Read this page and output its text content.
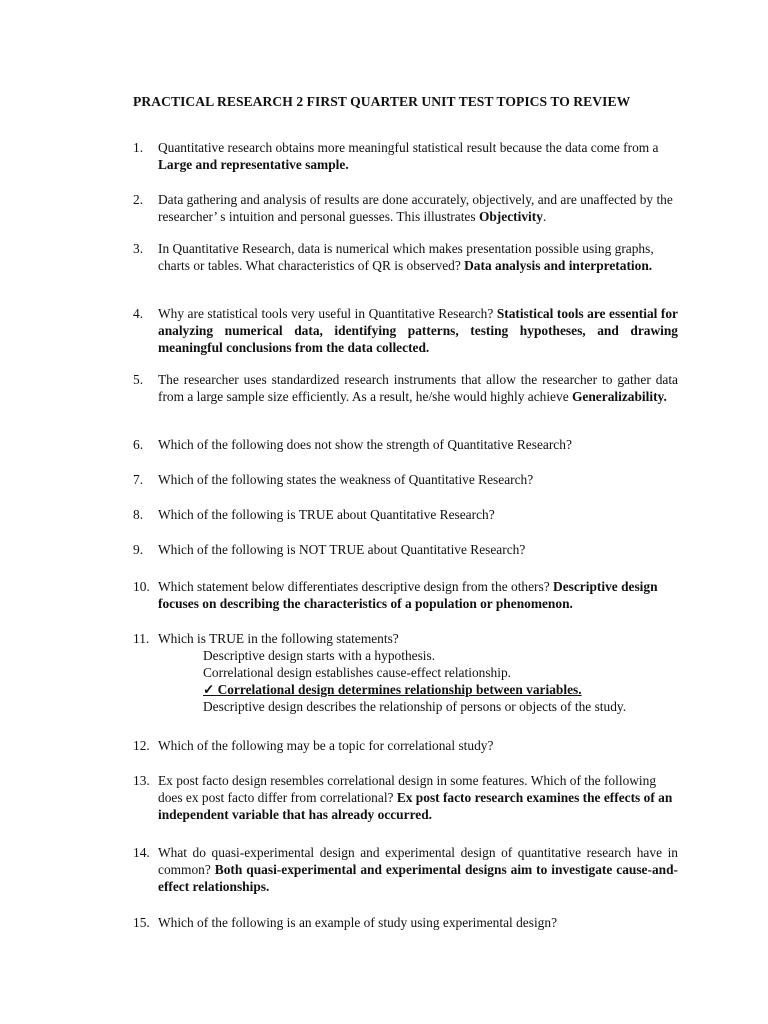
PRACTICAL RESEARCH 2 FIRST QUARTER UNIT TEST TOPICS TO REVIEW
1. Quantitative research obtains more meaningful statistical result because the data come from a
Large and representative sample.
2. Data gathering and analysis of results are done accurately, objectively, and are unaffected by the researcher’ s intuition and personal guesses. This illustrates Objectivity.
3. In Quantitative Research, data is numerical which makes presentation possible using graphs, charts or tables. What characteristics of QR is observed? Data analysis and interpretation.
4. Why are statistical tools very useful in Quantitative Research? Statistical tools are essential for analyzing numerical data, identifying patterns, testing hypotheses, and drawing meaningful conclusions from the data collected.
5. The researcher uses standardized research instruments that allow the researcher to gather data from a large sample size efficiently. As a result, he/she would highly achieve Generalizability.
6. Which of the following does not show the strength of Quantitative Research?
7. Which of the following states the weakness of Quantitative Research?
8. Which of the following is TRUE about Quantitative Research?
9. Which of the following is NOT TRUE about Quantitative Research?
10. Which statement below differentiates descriptive design from the others? Descriptive design focuses on describing the characteristics of a population or phenomenon.
11. Which is TRUE in the following statements?
Descriptive design starts with a hypothesis.
Correlational design establishes cause-effect relationship.
✓ Correlational design determines relationship between variables.
Descriptive design describes the relationship of persons or objects of the study.
12. Which of the following may be a topic for correlational study?
13. Ex post facto design resembles correlational design in some features. Which of the following does ex post facto differ from correlational? Ex post facto research examines the effects of an independent variable that has already occurred.
14. What do quasi-experimental design and experimental design of quantitative research have in common? Both quasi-experimental and experimental designs aim to investigate cause-and-effect relationships.
15. Which of the following is an example of study using experimental design?
